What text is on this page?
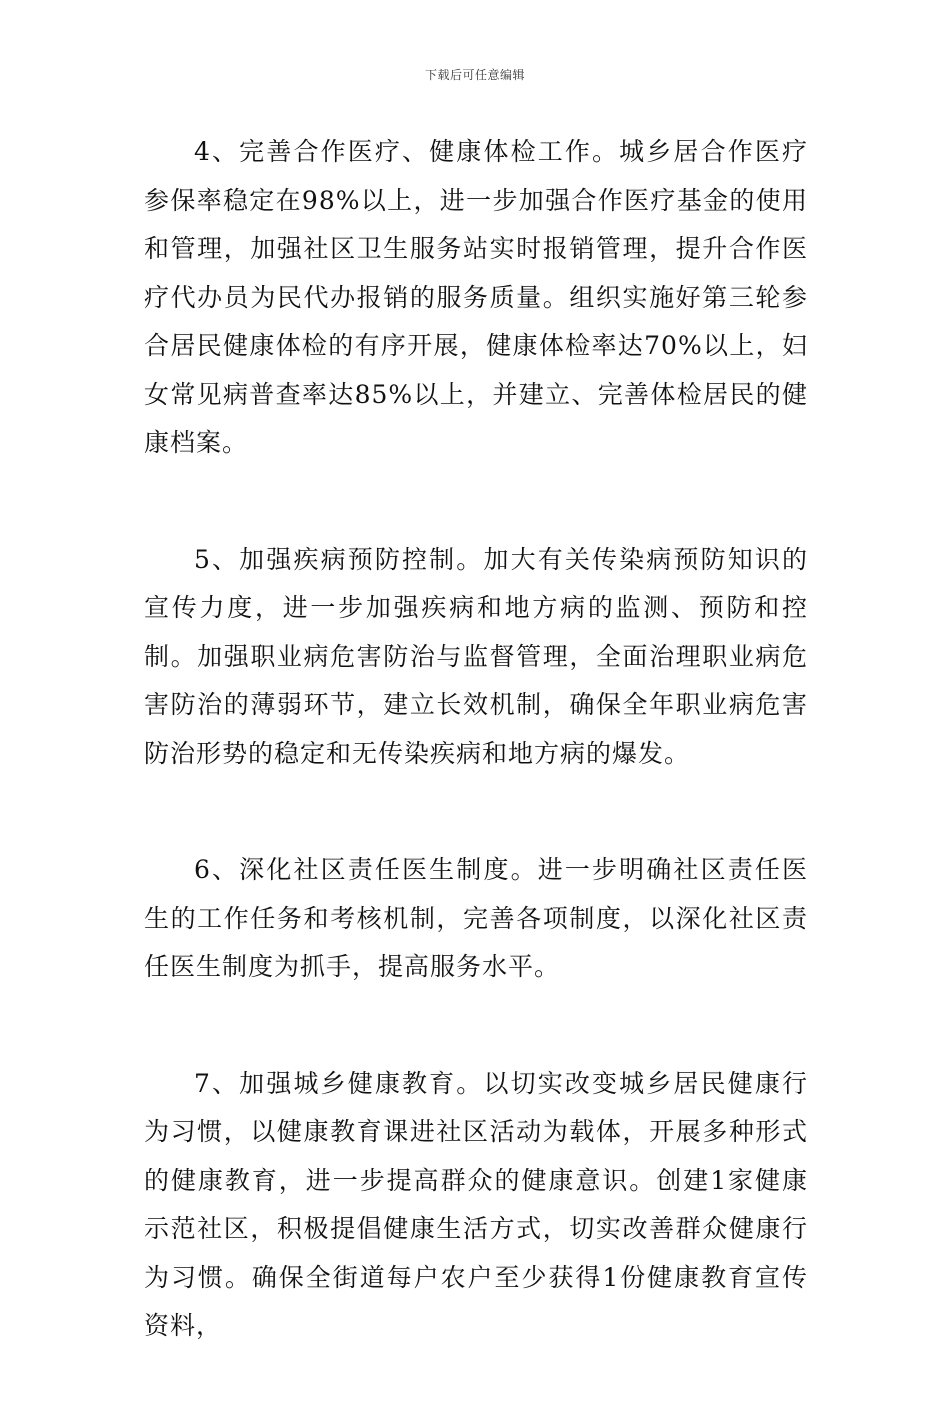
下载后可任意编辑

4、完善合作医疗、健康体检工作。城乡居合作医疗参保率稳定在98%以上，进一步加强合作医疗基金的使用和管理，加强社区卫生服务站实时报销管理，提升合作医疗代办员为民代办报销的服务质量。组织实施好第三轮参合居民健康体检的有序开展，健康体检率达70%以上，妇女常见病普查率达85%以上，并建立、完善体检居民的健康档案。

5、加强疾病预防控制。加大有关传染病预防知识的宣传力度，进一步加强疾病和地方病的监测、预防和控制。加强职业病危害防治与监督管理，全面治理职业病危害防治的薄弱环节，建立长效机制，确保全年职业病危害防治形势的稳定和无传染疾病和地方病的爆发。

6、深化社区责任医生制度。进一步明确社区责任医生的工作任务和考核机制，完善各项制度，以深化社区责任医生制度为抓手，提高服务水平。

7、加强城乡健康教育。以切实改变城乡居民健康行为习惯，以健康教育课进社区活动为载体，开展多种形式的健康教育，进一步提高群众的健康意识。创建1家健康示范社区，积极提倡健康生活方式，切实改善群众健康行为习惯。确保全街道每户农户至少获得1份健康教育宣传资料，
